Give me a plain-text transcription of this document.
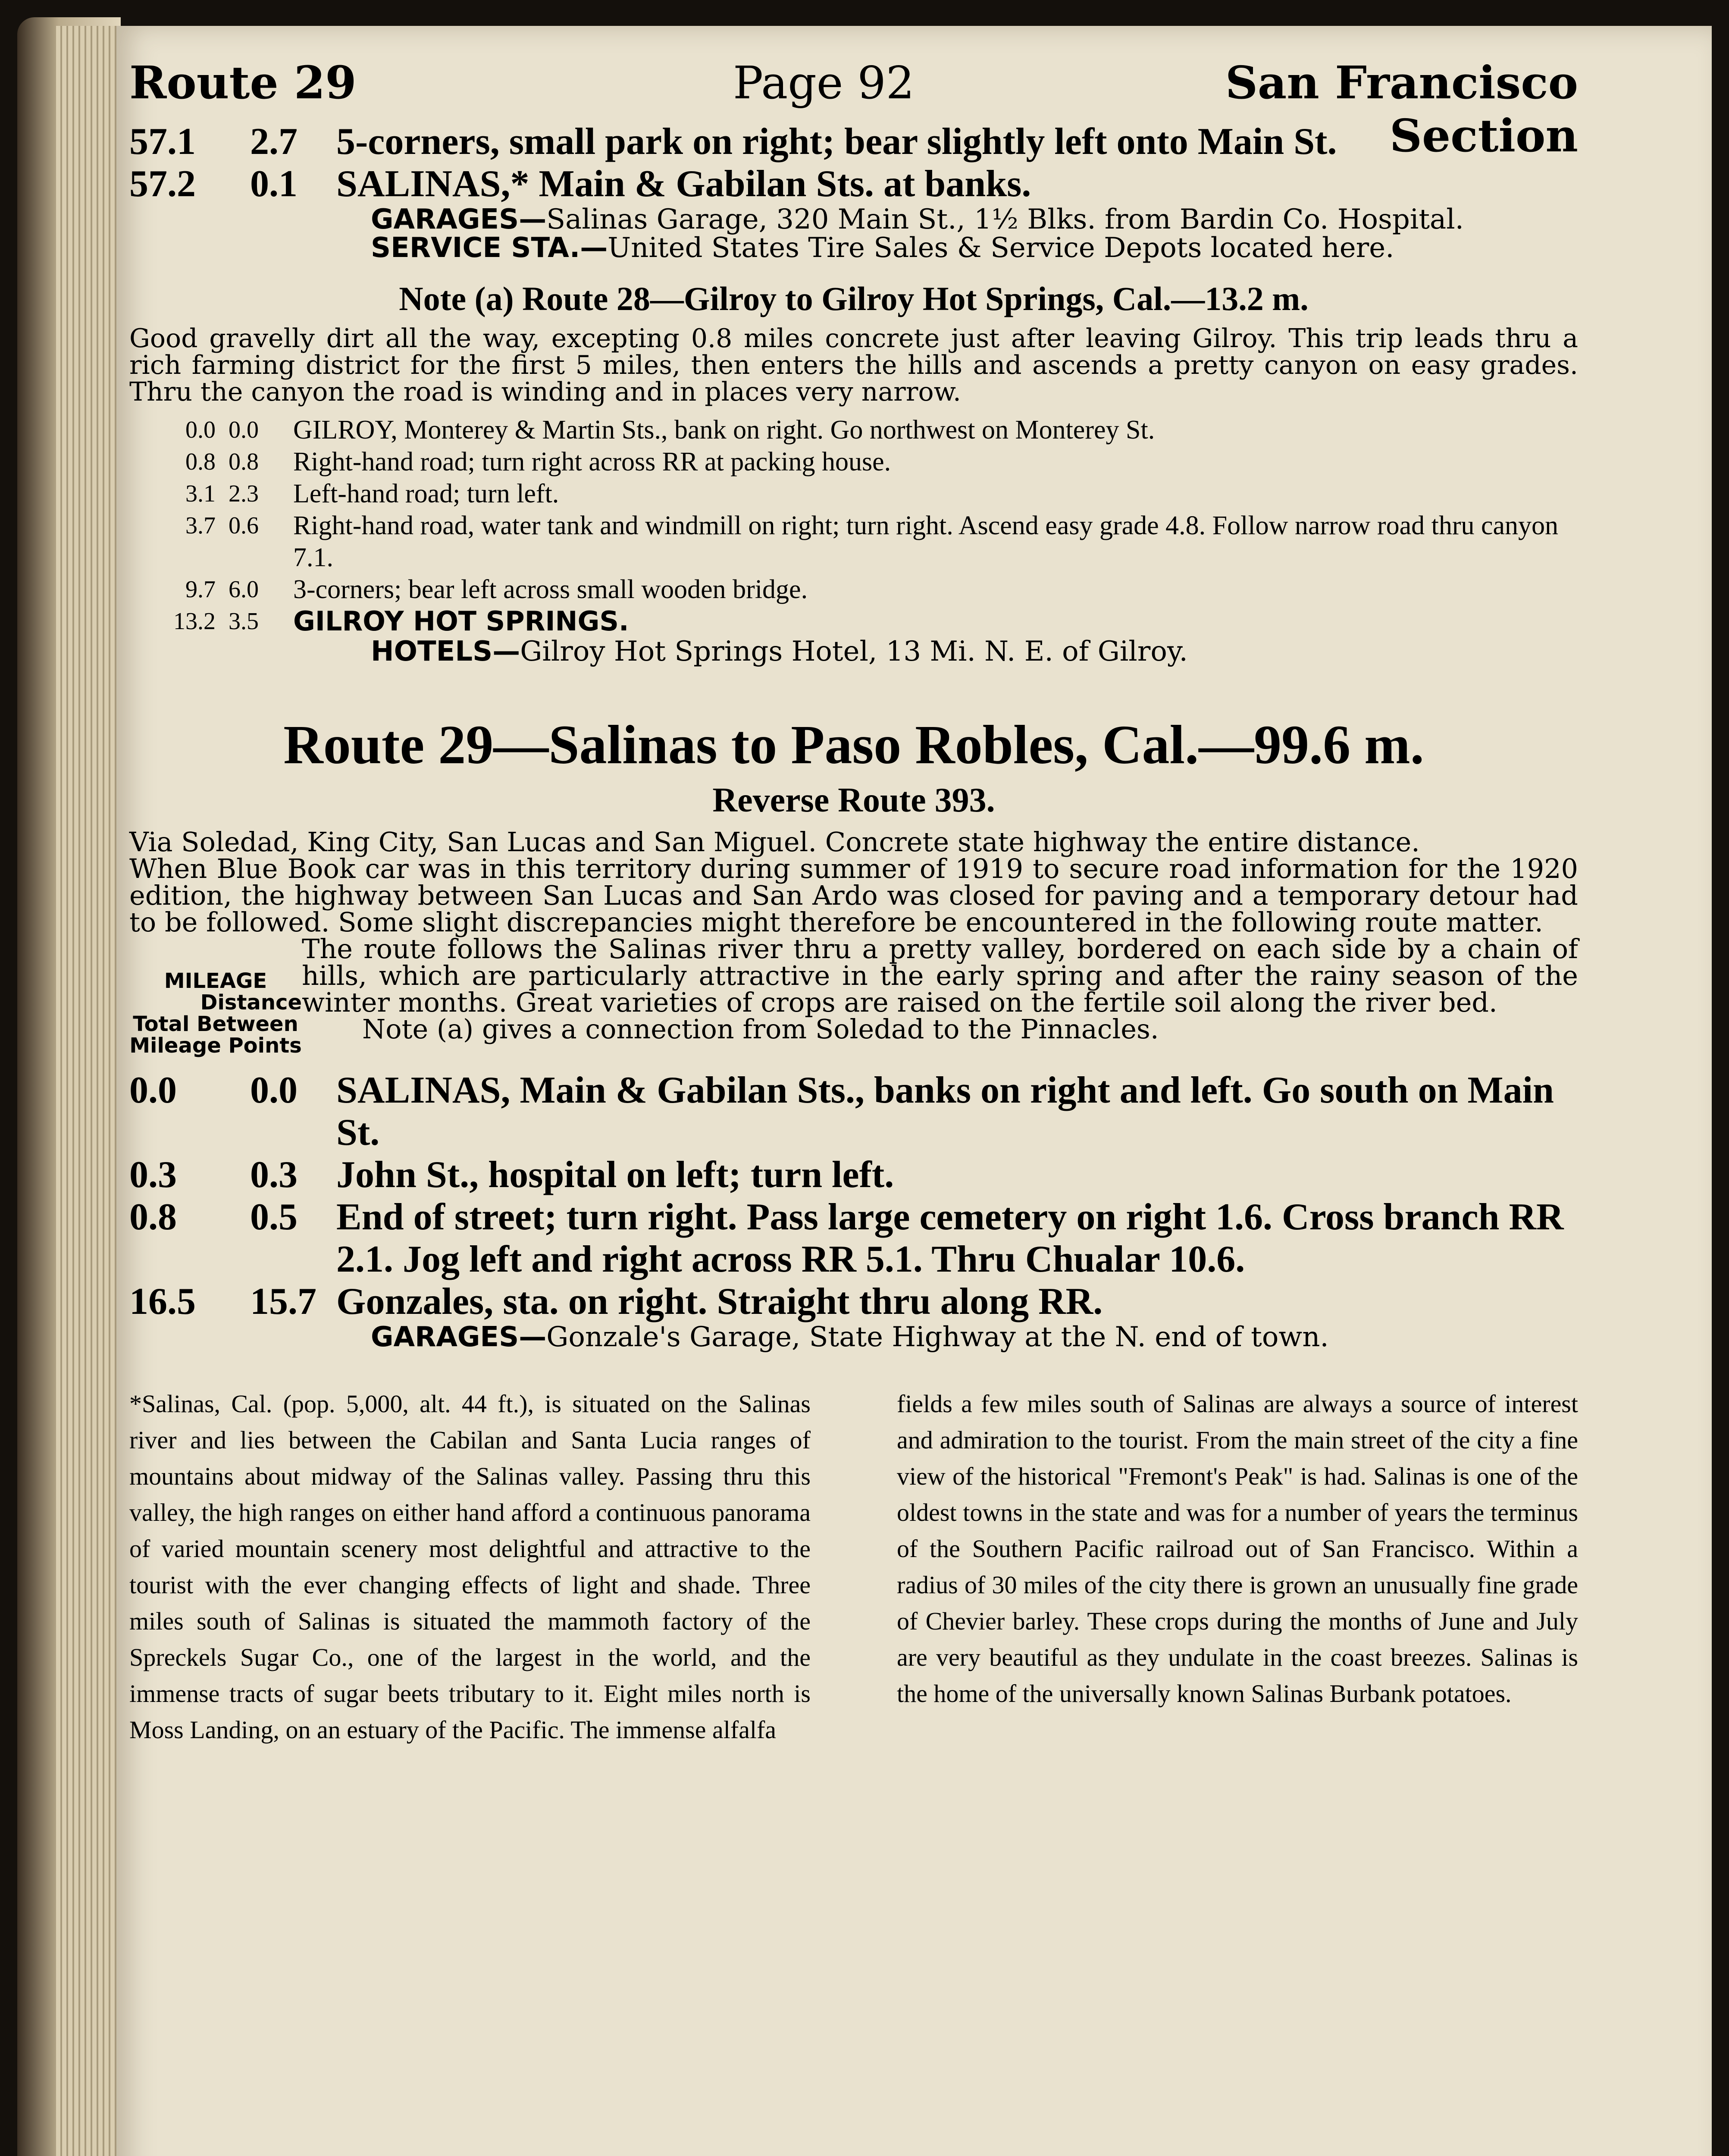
Route 29	Page 92	San Francisco Section
57.1	2.7	5-corners, small park on right; bear slightly left onto Main St.
57.2	0.1	SALINAS,* Main & Gabilan Sts. at banks.
GARAGES—Salinas Garage, 320 Main St., 1½ Blks. from Bardin Co. Hospital.
SERVICE STA.—United States Tire Sales & Service Depots located here.
Note (a) Route 28—Gilroy to Gilroy Hot Springs, Cal.—13.2 m.
Good gravelly dirt all the way, excepting 0.8 miles concrete just after leaving Gilroy. This trip leads thru a rich farming district for the first 5 miles, then enters the hills and ascends a pretty canyon on easy grades. Thru the canyon the road is winding and in places very narrow.
0.0 0.0	GILROY, Monterey & Martin Sts., bank on right. Go northwest on Monterey St.
0.8 0.8	Right-hand road; turn right across RR at packing house.
3.1 2.3	Left-hand road; turn left.
3.7 0.6	Right-hand road, water tank and windmill on right; turn right. Ascend easy grade 4.8. Follow narrow road thru canyon 7.1.
9.7 6.0	3-corners; bear left across small wooden bridge.
13.2 3.5	GILROY HOT SPRINGS.
HOTELS—Gilroy Hot Springs Hotel, 13 Mi. N. E. of Gilroy.
Route 29—Salinas to Paso Robles, Cal.—99.6 m.
Reverse Route 393.
Via Soledad, King City, San Lucas and San Miguel. Concrete state highway the entire distance.
When Blue Book car was in this territory during summer of 1919 to secure road information for the 1920 edition, the highway between San Lucas and San Ardo was closed for paving and a temporary detour had to be followed. Some slight discrepancies might therefore be encountered in the following route matter.
MILEAGE
Distance
Total Between Mileage Points
The route follows the Salinas river thru a pretty valley, bordered on each side by a chain of hills, which are particularly attractive in the early spring and after the rainy season of the winter months. Great varieties of crops are raised on the fertile soil along the river bed.
Note (a) gives a connection from Soledad to the Pinnacles.
0.0	0.0	SALINAS, Main & Gabilan Sts., banks on right and left. Go south on Main St.
0.3	0.3	John St., hospital on left; turn left.
0.8	0.5	End of street; turn right. Pass large cemetery on right 1.6. Cross branch RR 2.1. Jog left and right across RR 5.1. Thru Chualar 10.6.
16.5	15.7 Gonzales, sta. on right. Straight thru along RR.
GARAGES—Gonzale's Garage, State Highway at the N. end of town.
*Salinas, Cal. (pop. 5,000, alt. 44 ft.), is situated on the Salinas river and lies between the Cabilan and Santa Lucia ranges of mountains about midway of the Salinas valley. Passing thru this valley, the high ranges on either hand afford a continuous panorama of varied mountain scenery most delightful and attractive to the tourist with the ever changing effects of light and shade. Three miles south of Salinas is situated the mammoth factory of the Spreckels Sugar Co., one of the largest in the world, and the immense tracts of sugar beets tributary to it. Eight miles north is Moss Landing, on an estuary of the Pacific. The immense alfalfa
fields a few miles south of Salinas are always a source of interest and admiration to the tourist. From the main street of the city a fine view of the historical "Fremont's Peak" is had. Salinas is one of the oldest towns in the state and was for a number of years the terminus of the Southern Pacific railroad out of San Francisco. Within a radius of 30 miles of the city there is grown an unusually fine grade of Chevier barley. These crops during the months of June and July are very beautiful as they undulate in the coast breezes. Salinas is the home of the universally known Salinas Burbank potatoes.
